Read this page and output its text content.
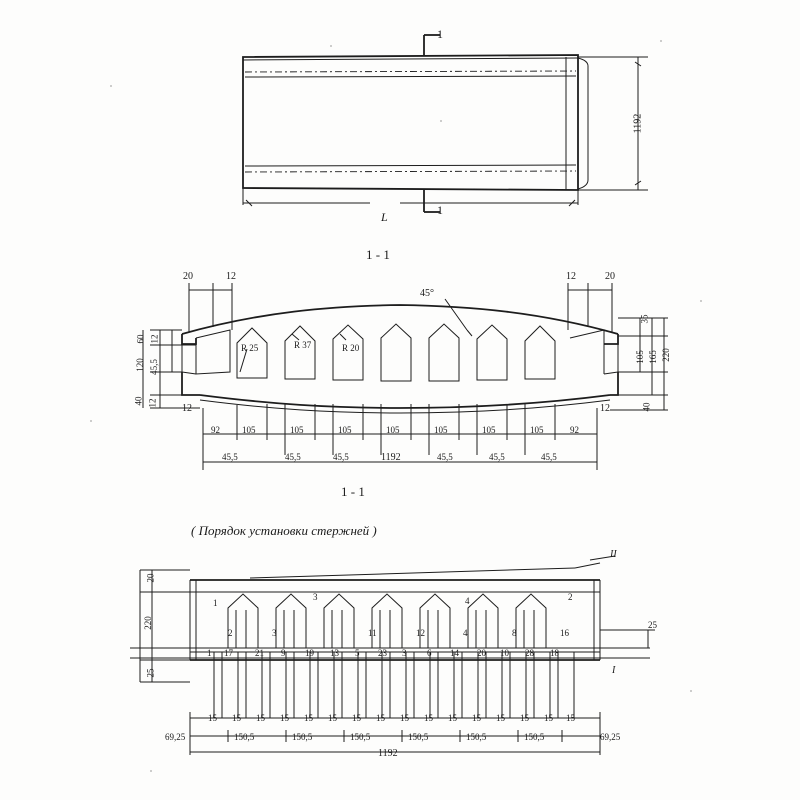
1
1
1192
L
1 - 1
20	12	12	20
45°
R 25	R 37	R 20
60 12
120 45,5
40 12
35
105 165 220
40
12	12
92 105	105	105	105	105	105	105	92
45,5	45,5	45,5	45,5	45,5	45,5
1192
1 - 1
( Порядок установки стержней )
20
220
25
25
II
I
1
3	4	2
2	3	11	12	4	8	16
1 17 21 9 19 13 5 23 3 6 14 20 10 28 18
15 15 15 15 15 15 15 15 15 15 15 15 15 15 15 15
69,25	150,5	150,5	150,5	150,5	150,5	150,5	69,25
1192
